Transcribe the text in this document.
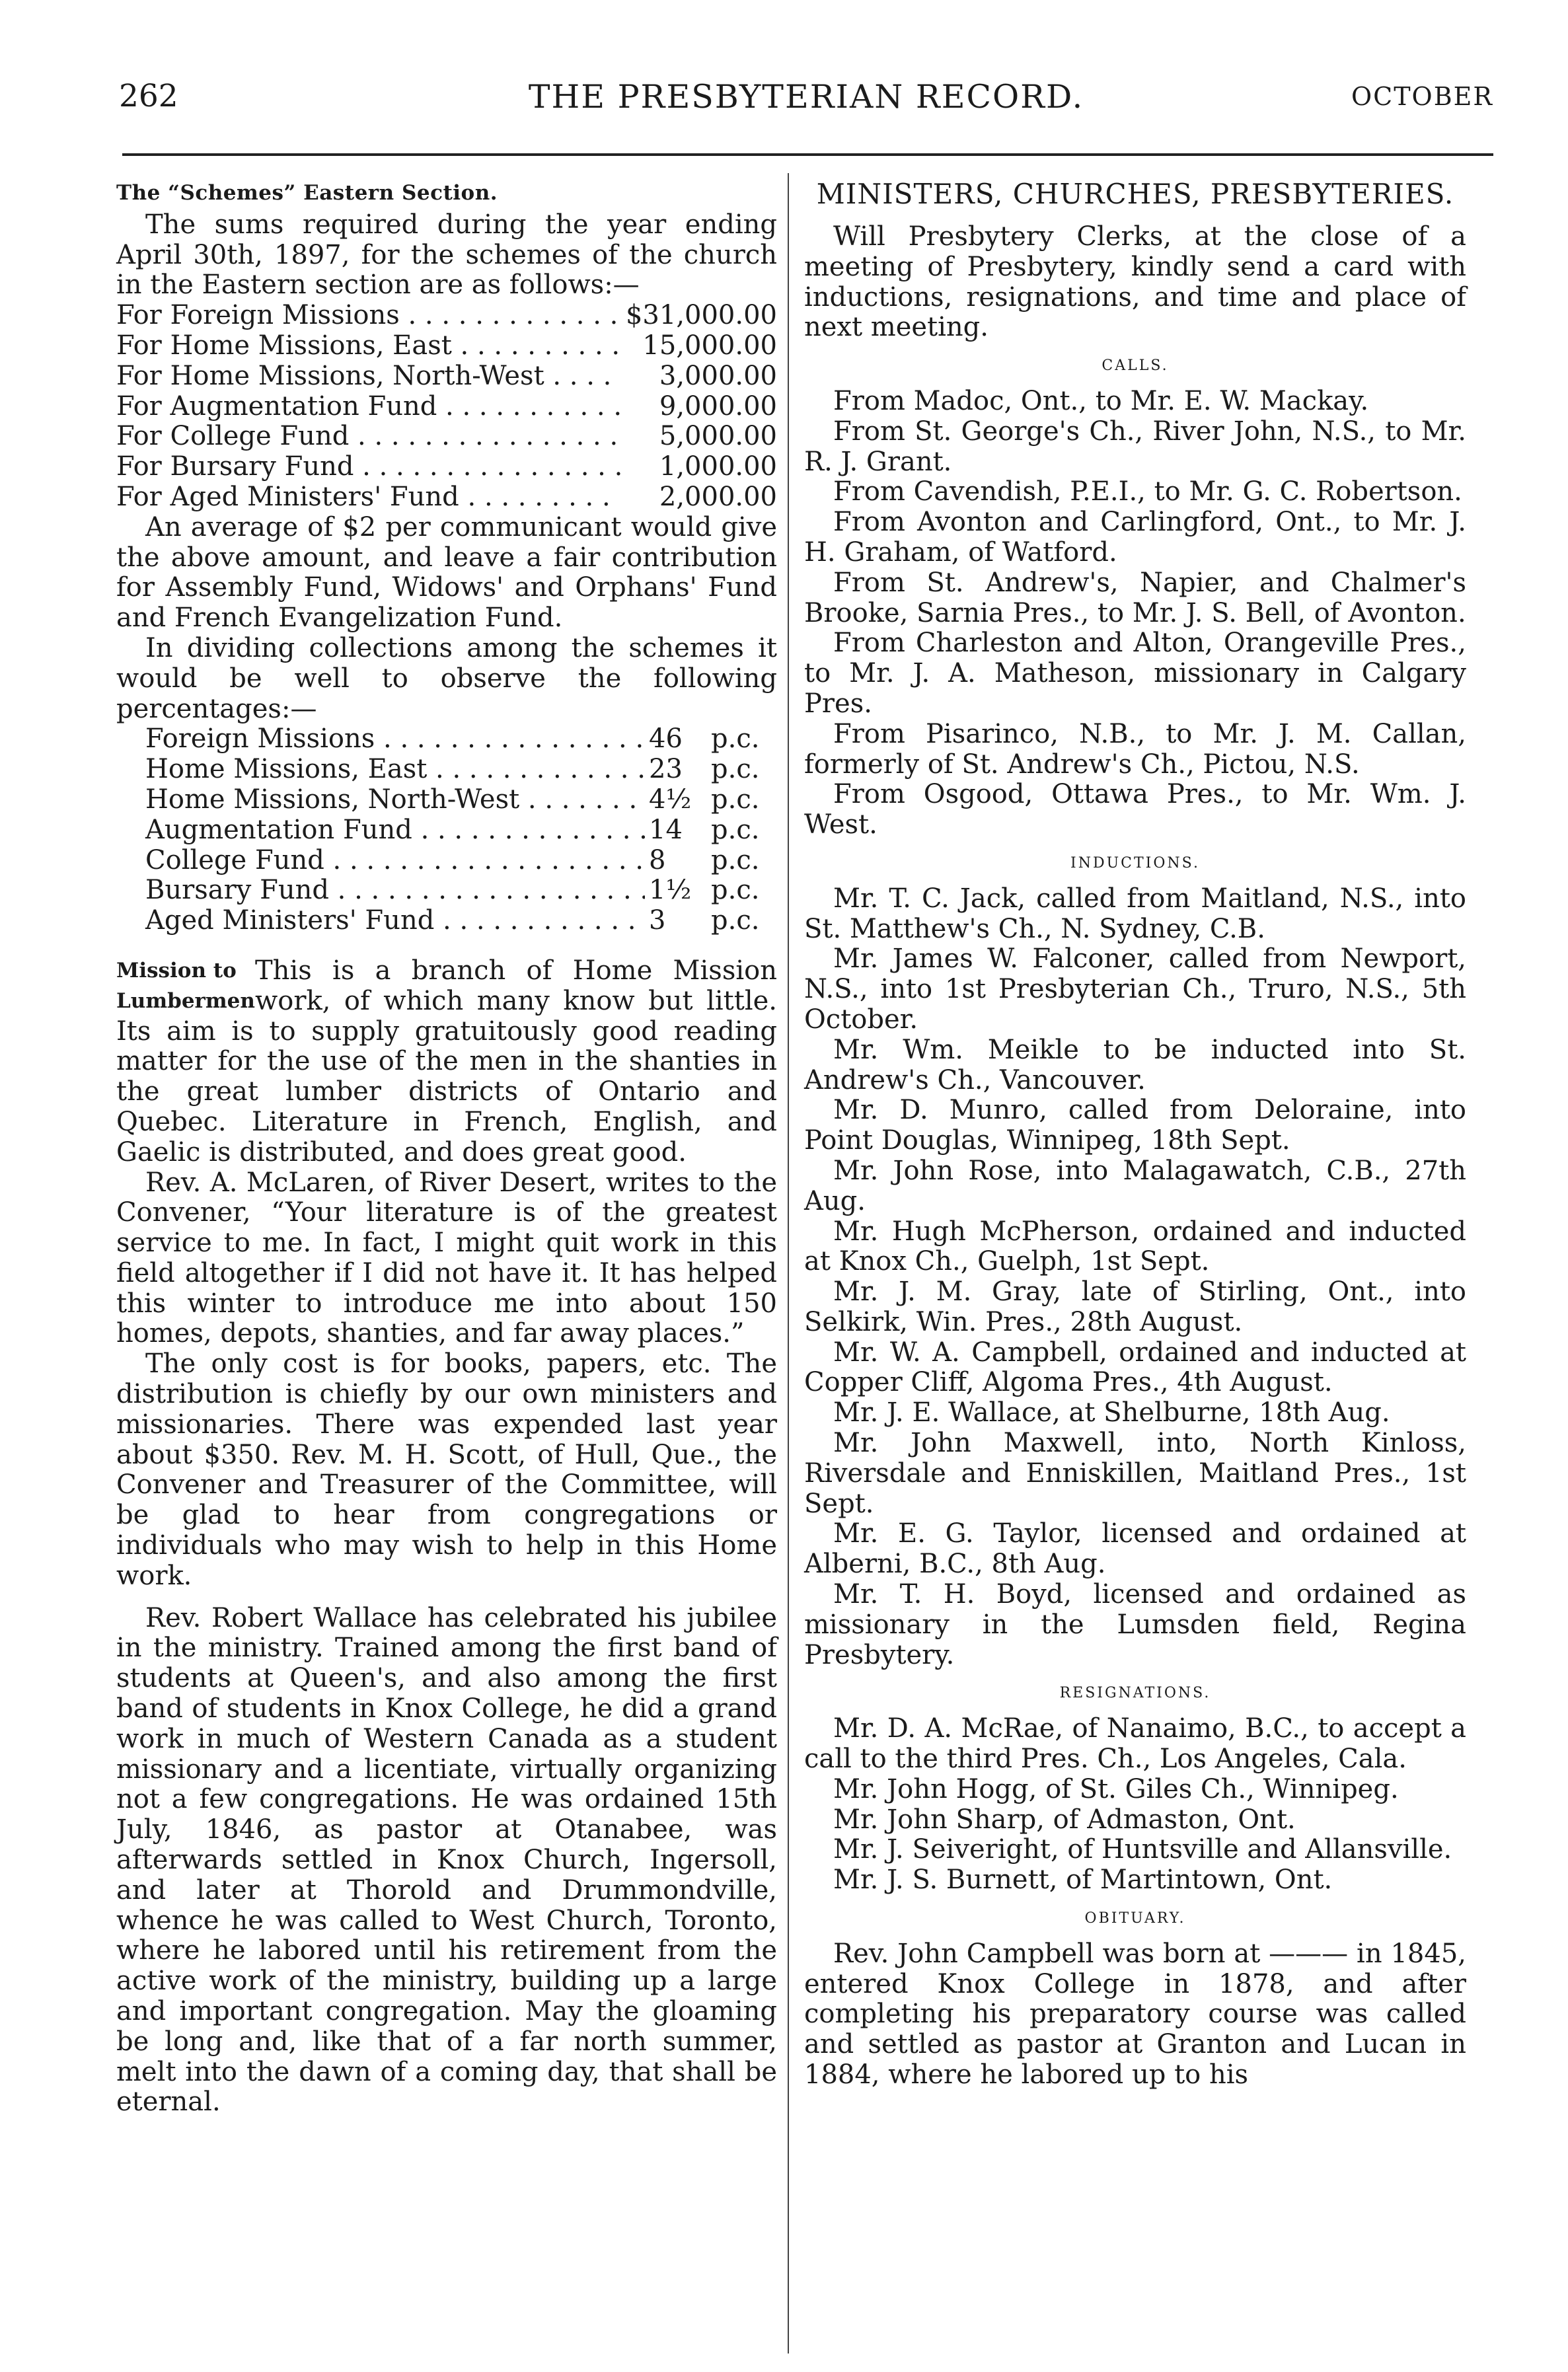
262	THE PRESBYTERIAN RECORD.	OCTOBER
The “Schemes” Eastern Section.

The sums required during the year ending April 30th, 1897, for the schemes of the church in the Eastern section are as follows:—

For Foreign Missions . . .	$31,000.00
For Home Missions, East . . .	15,000.00
For Home Missions, North-West . . .	3,000.00
For Augmentation Fund . . .	9,000.00
For College Fund . . .	5,000.00
For Bursary Fund . . .	1,000.00
For Aged Ministers' Fund . . .	2,000.00

An average of $2 per communicant would give the above amount, and leave a fair contribution for Assembly Fund, Widows' and Orphans' Fund and French Evangelization Fund.

In dividing collections among the schemes it would be well to observe the following percentages:—

Foreign Missions . . .	46	p.c.
Home Missions, East . . .	23	p.c.
Home Missions, North-West . . .	4½ p.c.
Augmentation Fund . . .	14	p.c.
College Fund . . .	8	p.c.
Bursary Fund . . .	1½ p.c.
Aged Ministers' Fund . . .	3	p.c.
Mission to Lumbermen

This is a branch of Home Mission work, of which many know but little. Its aim is to supply gratuitously good reading matter for the use of the men in the shanties in the great lumber districts of Ontario and Quebec. Literature in French, English, and Gaelic is distributed, and does great good.

Rev. A. McLaren, of River Desert, writes to the Convener, “Your literature is of the greatest service to me. In fact, I might quit work in this field altogether if I did not have it. It has helped this winter to introduce me into about 150 homes, depots, shanties, and far away places.”

The only cost is for books, papers, etc. The distribution is chiefly by our own ministers and missionaries. There was expended last year about $350. Rev. M. H. Scott, of Hull, Que., the Convener and Treasurer of the Committee, will be glad to hear from congregations or individuals who may wish to help in this Home work.

Rev. Robert Wallace has celebrated his jubilee in the ministry. Trained among the first band of students at Queen's, and also among the first band of students in Knox College, he did a grand work in much of Western Canada as a student missionary and a licentiate, virtually organizing not a few congregations. He was ordained 15th July, 1846, as pastor at Otanabee, was afterwards settled in Knox Church, Ingersoll, and later at Thorold and Drummondville, whence he was called to West Church, Toronto, where he labored until his retirement from the active work of the ministry, building up a large and important congregation. May the gloaming be long and, like that of a far north summer, melt into the dawn of a coming day, that shall be eternal.

MINISTERS, CHURCHES, PRESBYTERIES.

Will Presbytery Clerks, at the close of a meeting of Presbytery, kindly send a card with inductions, resignations, and time and place of next meeting.

CALLS.

From Madoc, Ont., to Mr. E. W. Mackay.

From St. George's Ch., River John, N.S., to Mr. R. J. Grant.

From Cavendish, P.E.I., to Mr. G. C. Robertson.

From Avonton and Carlingford, Ont., to Mr. J. H. Graham, of Watford.

From St. Andrew's, Napier, and Chalmer's Brooke, Sarnia Pres., to Mr. J. S. Bell, of Avonton.

From Charleston and Alton, Orangeville Pres., to Mr. J. A. Matheson, missionary in Calgary Pres.

From Pisarinco, N.B., to Mr. J. M. Callan, formerly of St. Andrew's Ch., Pictou, N.S.

From Osgood, Ottawa Pres., to Mr. Wm. J. West.

INDUCTIONS.

Mr. T. C. Jack, called from Maitland, N.S., into St. Matthew's Ch., N. Sydney, C.B.

Mr. James W. Falconer, called from Newport, N.S., into 1st Presbyterian Ch., Truro, N.S., 5th October.

Mr. Wm. Meikle to be inducted into St. Andrew's Ch., Vancouver.

Mr. D. Munro, called from Deloraine, into Point Douglas, Winnipeg, 18th Sept.

Mr. John Rose, into Malagawatch, C.B., 27th Aug.

Mr. Hugh McPherson, ordained and inducted at Knox Ch., Guelph, 1st Sept.

Mr. J. M. Gray, late of Stirling, Ont., into Selkirk, Win. Pres., 28th August.

Mr. W. A. Campbell, ordained and inducted at Copper Cliff, Algoma Pres., 4th August.

Mr. J. E. Wallace, at Shelburne, 18th Aug.

Mr. John Maxwell, into, North Kinloss, Riversdale and Enniskillen, Maitland Pres., 1st Sept.

Mr. E. G. Taylor, licensed and ordained at Alberni, B.C., 8th Aug.

Mr. T. H. Boyd, licensed and ordained as missionary in the Lumsden field, Regina Presbytery.

RESIGNATIONS.

Mr. D. A. McRae, of Nanaimo, B.C., to accept a call to the third Pres. Ch., Los Angeles, Cala.

Mr. John Hogg, of St. Giles Ch., Winnipeg.

Mr. John Sharp, of Admaston, Ont.

Mr. J. Seiveright, of Huntsville and Allansville.

Mr. J. S. Burnett, of Martintown, Ont.

OBITUARY.

Rev. John Campbell was born at ——— in 1845, entered Knox College in 1878, and after completing his preparatory course was called and settled as pastor at Granton and Lucan in 1884, where he labored up to his
